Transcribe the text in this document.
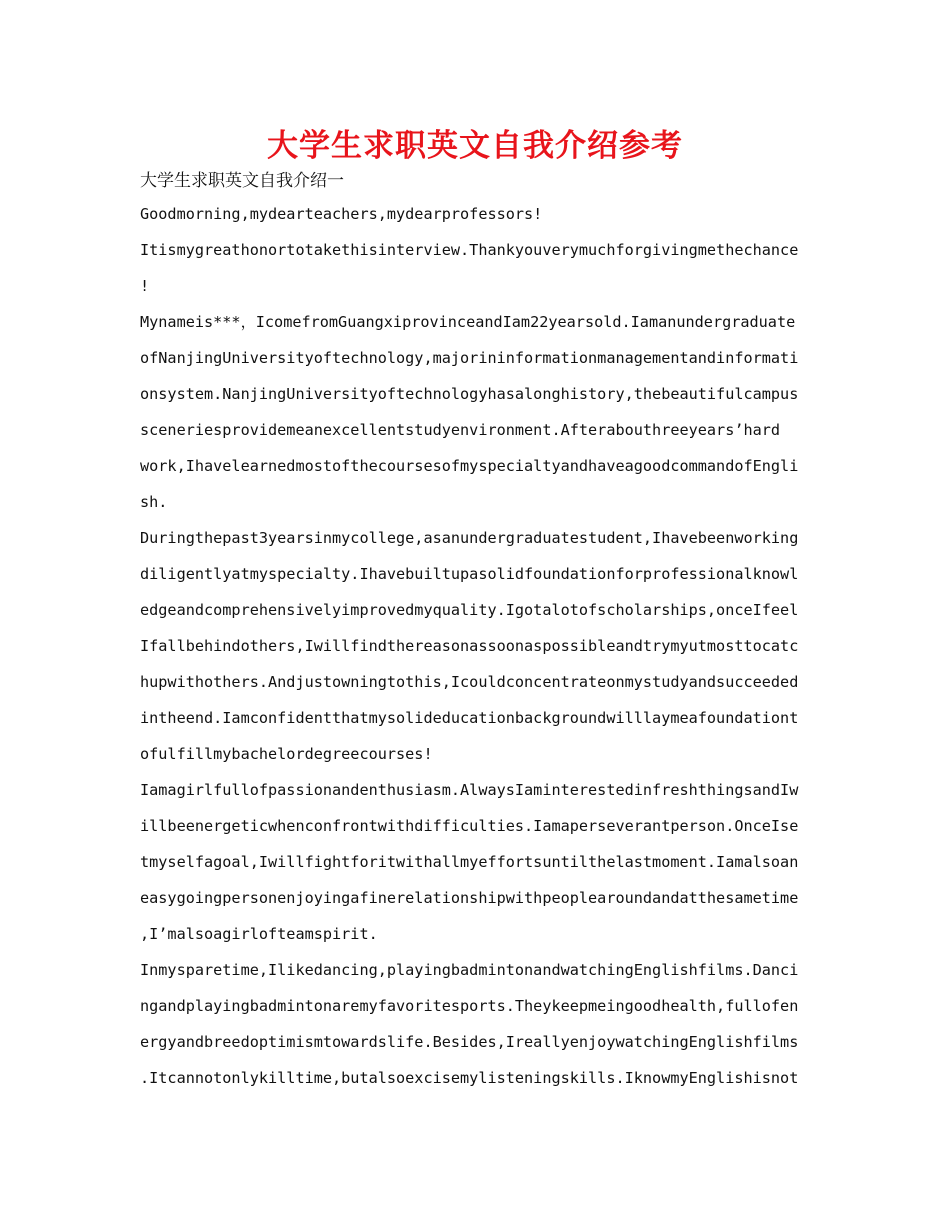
大学生求职英文自我介绍参考

大学生求职英文自我介绍一

Goodmorning,mydearteachers,mydearprofessors!
Itismygreathonortotakethisinterview.Thankyouverymuchforgivingmethechance
!
Mynameis***，IcomefromGuangxiprovinceandIam22yearsold.Iamanundergraduate
ofNanjingUniversityoftechnology,majorininformationmanagementandinformati
onsystem.NanjingUniversityoftechnologyhasalonghistory,thebeautifulcampus
sceneriesprovidemeanexcellentstudyenvironment.Afterabouthreeyears’hard
work,IhavelearnedmostofthecoursesofmyspecialtyandhaveagoodcommandofEngli
sh.
Duringthepast3yearsinmycollege,asanundergraduatestudent,Ihavebeenworking
diligentlyatmyspecialty.Ihavebuiltupasolidfoundationforprofessionalknowl
edgeandcomprehensivelyimprovedmyquality.Igotalotofscholarships,onceIfeel
Ifallbehindothers,Iwillfindthereasonassoonaspossibleandtrymyutmosttocatc
hupwithothers.Andjustowningtothis,Icouldconcentrateonmystudyandsucceeded
intheend.Iamconfidentthatmysolideducationbackgroundwilllaymeafoundationt
ofulfillmybachelordegreecourses!
Iamagirlfullofpassionandenthusiasm.AlwaysIaminterestedinfreshthingsandIw
illbeenergeticwhenconfrontwithdifficulties.Iamaperseverantperson.OnceIse
tmyselfagoal,Iwillfightforitwithallmyeffortsuntilthelastmoment.Iamalsoan
easygoingpersonenjoyingafinerelationshipwithpeoplearoundandatthesametime
,I’malsoagirlofteamspirit.
Inmysparetime,Ilikedancing,playingbadmintonandwatchingEnglishfilms.Danci
ngandplayingbadmintonaremyfavoritesports.Theykeepmeingoodhealth,fullofen
ergyandbreedoptimismtowardslife.Besides,IreallyenjoywatchingEnglishfilms
.Itcannotonlykilltime,butalsoexcisemylisteningskills.IknowmyEnglishisnot
